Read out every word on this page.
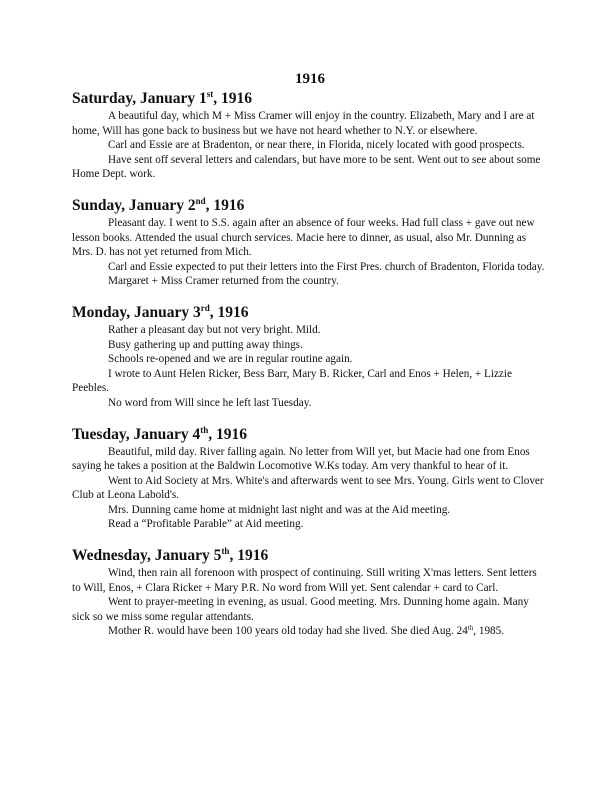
1916
Saturday, January 1st, 1916

A beautiful day, which M + Miss Cramer will enjoy in the country. Elizabeth, Mary and I are at home, Will has gone back to business but we have not heard whether to N.Y. or elsewhere.

Carl and Essie are at Bradenton, or near there, in Florida, nicely located with good prospects.

Have sent off several letters and calendars, but have more to be sent. Went out to see about some Home Dept. work.

Sunday, January 2nd, 1916

Pleasant day. I went to S.S. again after an absence of four weeks. Had full class + gave out new lesson books. Attended the usual church services. Macie here to dinner, as usual, also Mr. Dunning as Mrs. D. has not yet returned from Mich.

Carl and Essie expected to put their letters into the First Pres. church of Bradenton, Florida today.

Margaret + Miss Cramer returned from the country.

Monday, January 3rd, 1916

Rather a pleasant day but not very bright. Mild.

Busy gathering up and putting away things.

Schools re-opened and we are in regular routine again.

I wrote to Aunt Helen Ricker, Bess Barr, Mary B. Ricker, Carl and Enos + Helen, + Lizzie Peebles.

No word from Will since he left last Tuesday.

Tuesday, January 4th, 1916

Beautiful, mild day. River falling again. No letter from Will yet, but Macie had one from Enos saying he takes a position at the Baldwin Locomotive W.Ks today. Am very thankful to hear of it.

Went to Aid Society at Mrs. White's and afterwards went to see Mrs. Young. Girls went to Clover Club at Leona Labold's.

Mrs. Dunning came home at midnight last night and was at the Aid meeting.

Read a “Profitable Parable” at Aid meeting.

Wednesday, January 5th, 1916

Wind, then rain all forenoon with prospect of continuing. Still writing X'mas letters. Sent letters to Will, Enos, + Clara Ricker + Mary P.R. No word from Will yet. Sent calendar + card to Carl.

Went to prayer-meeting in evening, as usual. Good meeting. Mrs. Dunning home again. Many sick so we miss some regular attendants.

Mother R. would have been 100 years old today had she lived. She died Aug. 24th, 1985.
